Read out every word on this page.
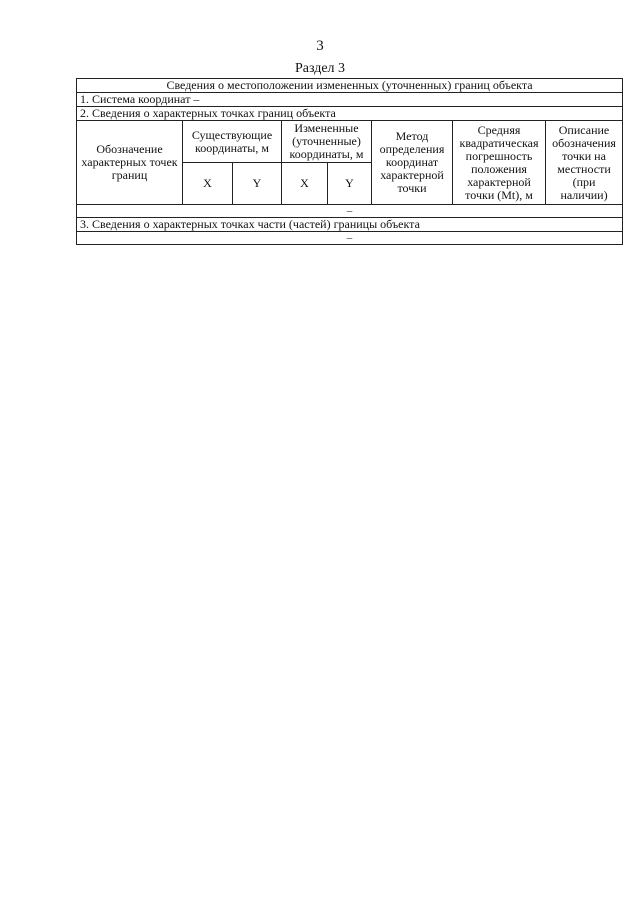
3
Раздел 3
Сведения о местоположении измененных (уточненных) границ объекта							
1. Система координат –							
2. Сведения о характерных точках границ объекта							
Обозначение характерных точек границ	Существующие координаты, м		Измененные (уточненные) координаты, м		Метод определения координат характерной точки	Средняя квадратическая погрешность положения характерной точки (Mt), м	Описание обозначения точки на местности (при наличии)
	X	Y	X	Y			
–							
3. Сведения о характерных точках части (частей) границы объекта							
–							
